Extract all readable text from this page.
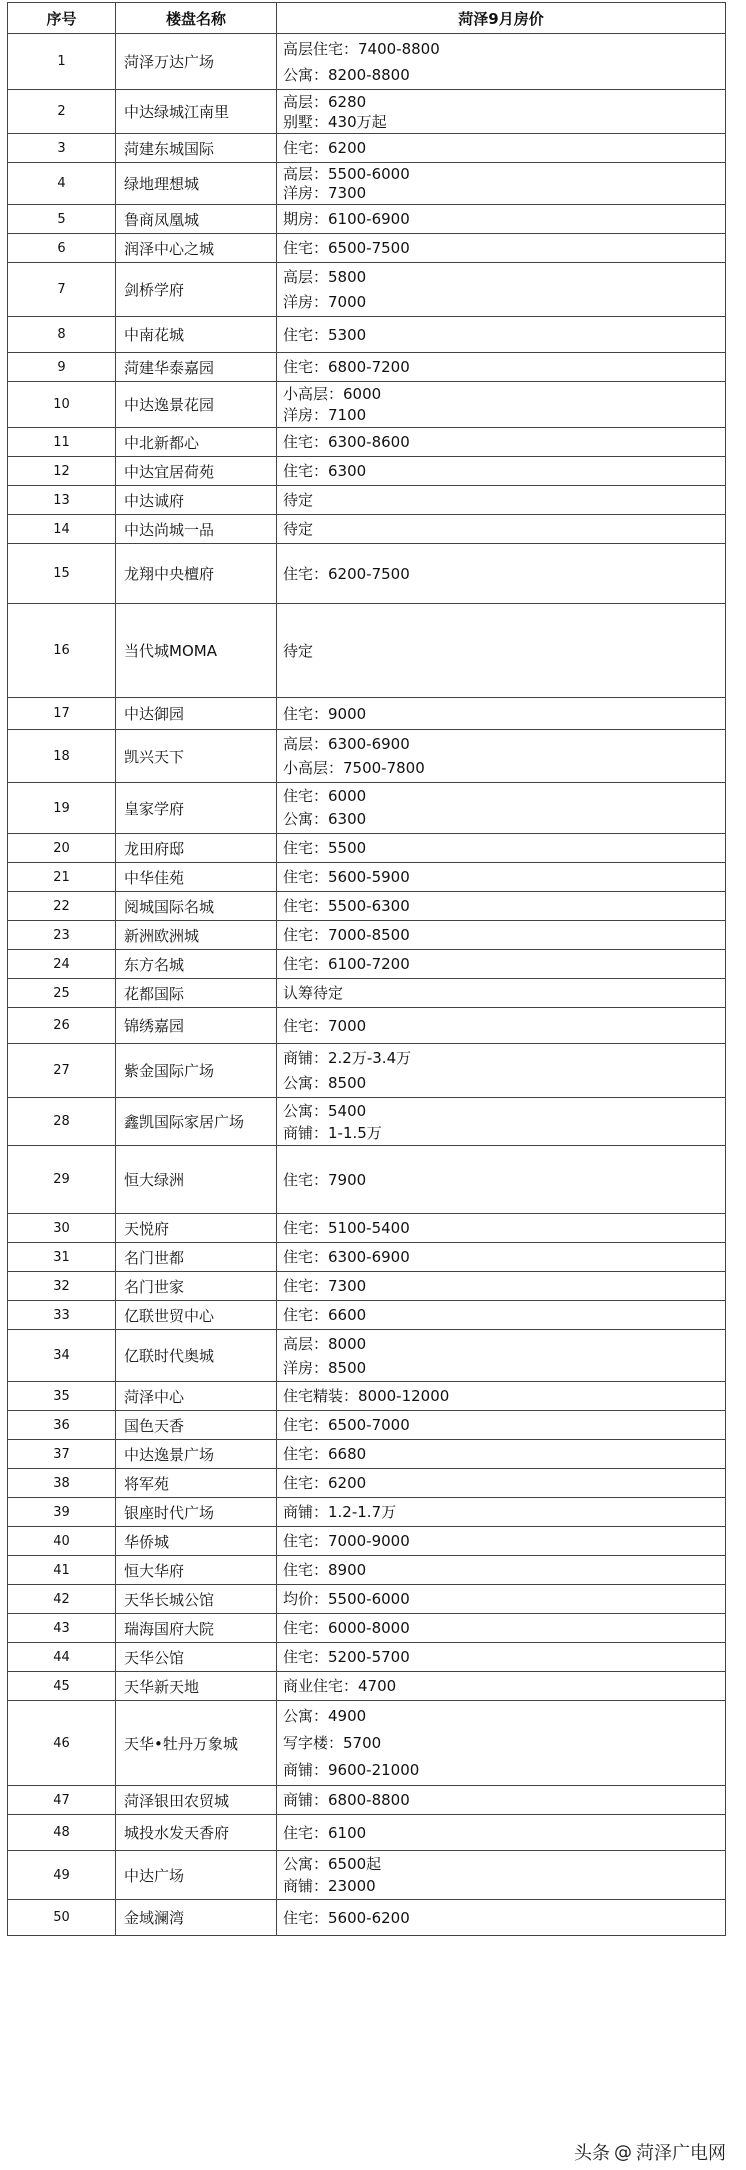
序号	楼盘名称	菏泽9月房价
1	菏泽万达广场	高层住宅：7400-8800
公寓：8200-8800

2	中达绿城江南里	高层：6280
别墅：430万起

3	菏建东城国际	住宅：6200

4	绿地理想城	高层：5500-6000
洋房：7300

5	鲁商凤凰城	期房：6100-6900

6	润泽中心之城	住宅：6500-7500

7	剑桥学府	高层：5800
洋房：7000

8	中南花城	住宅：5300

9	菏建华泰嘉园	住宅：6800-7200

10	中达逸景花园	小高层：6000
洋房：7100

11	中北新都心	住宅：6300-8600

12	中达宜居荷苑	住宅：6300

13	中达诚府	待定

14	中达尚城一品	待定

15	龙翔中央檀府	住宅：6200-7500

16	当代城MOMA	待定

17	中达御园	住宅：9000

18	凯兴天下	高层：6300-6900
小高层：7500-7800

19	皇家学府	住宅：6000
公寓：6300

20	龙田府邸	住宅：5500

21	中华佳苑	住宅：5600-5900

22	阅城国际名城	住宅：5500-6300

23	新洲欧洲城	住宅：7000-8500

24	东方名城	住宅：6100-7200

25	花都国际	认筹待定

26	锦绣嘉园	住宅：7000

27	紫金国际广场	商铺：2.2万-3.4万
公寓：8500

28	鑫凯国际家居广场	公寓：5400
商铺：1-1.5万

29	恒大绿洲	住宅：7900

30	天悦府	住宅：5100-5400

31	名门世都	住宅：6300-6900

32	名门世家	住宅：7300

33	亿联世贸中心	住宅：6600

34	亿联时代奥城	高层：8000
洋房：8500

35	菏泽中心	住宅精装：8000-12000

36	国色天香	住宅：6500-7000

37	中达逸景广场	住宅：6680

38	将军苑	住宅：6200

39	银座时代广场	商铺：1.2-1.7万

40	华侨城	住宅：7000-9000

41	恒大华府	住宅：8900

42	天华长城公馆	均价：5500-6000

43	瑞海国府大院	住宅：6000-8000

44	天华公馆	住宅：5200-5700

45	天华新天地	商业住宅：4700

46	天华•牡丹万象城	公寓：4900
写字楼：5700
商铺：9600-21000

47	菏泽银田农贸城	商铺：6800-8800

48	城投水发天香府	住宅：6100

49	中达广场	公寓：6500起
商铺：23000

50	金域澜湾	住宅：5600-6200
头条 @ 菏泽广电网
